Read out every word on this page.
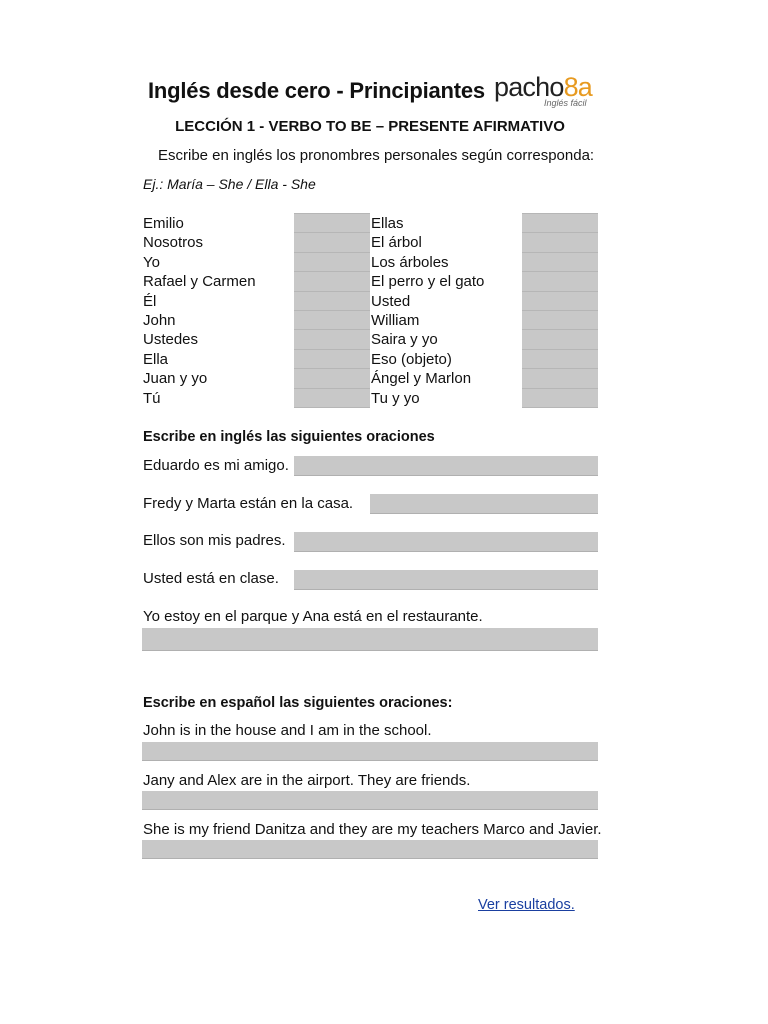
Inglés desde cero - Principiantes pacho8a
Inglés fácil
LECCIÓN 1 - VERBO TO BE – PRESENTE AFIRMATIVO
Escribe en inglés los pronombres personales según corresponda:
Ej.: María – She / Ella - She
Emilio
Nosotros
Yo
Rafael y Carmen
Él
John
Ustedes
Ella
Juan y yo
Tú
Ellas
El árbol
Los árboles
El perro y el gato
Usted
William
Saira y yo
Eso (objeto)
Ángel y Marlon
Tu y yo
Escribe en inglés las siguientes oraciones
Eduardo es mi amigo.
Fredy y Marta están en la casa.
Ellos son mis padres.
Usted está en clase.
Yo estoy en el parque y Ana está en el restaurante.
Escribe en español las siguientes oraciones:
John is in the house and I am in the school.
Jany and Alex are in the airport. They are friends.
She is my friend Danitza and they are my teachers Marco and Javier.
Ver resultados.
